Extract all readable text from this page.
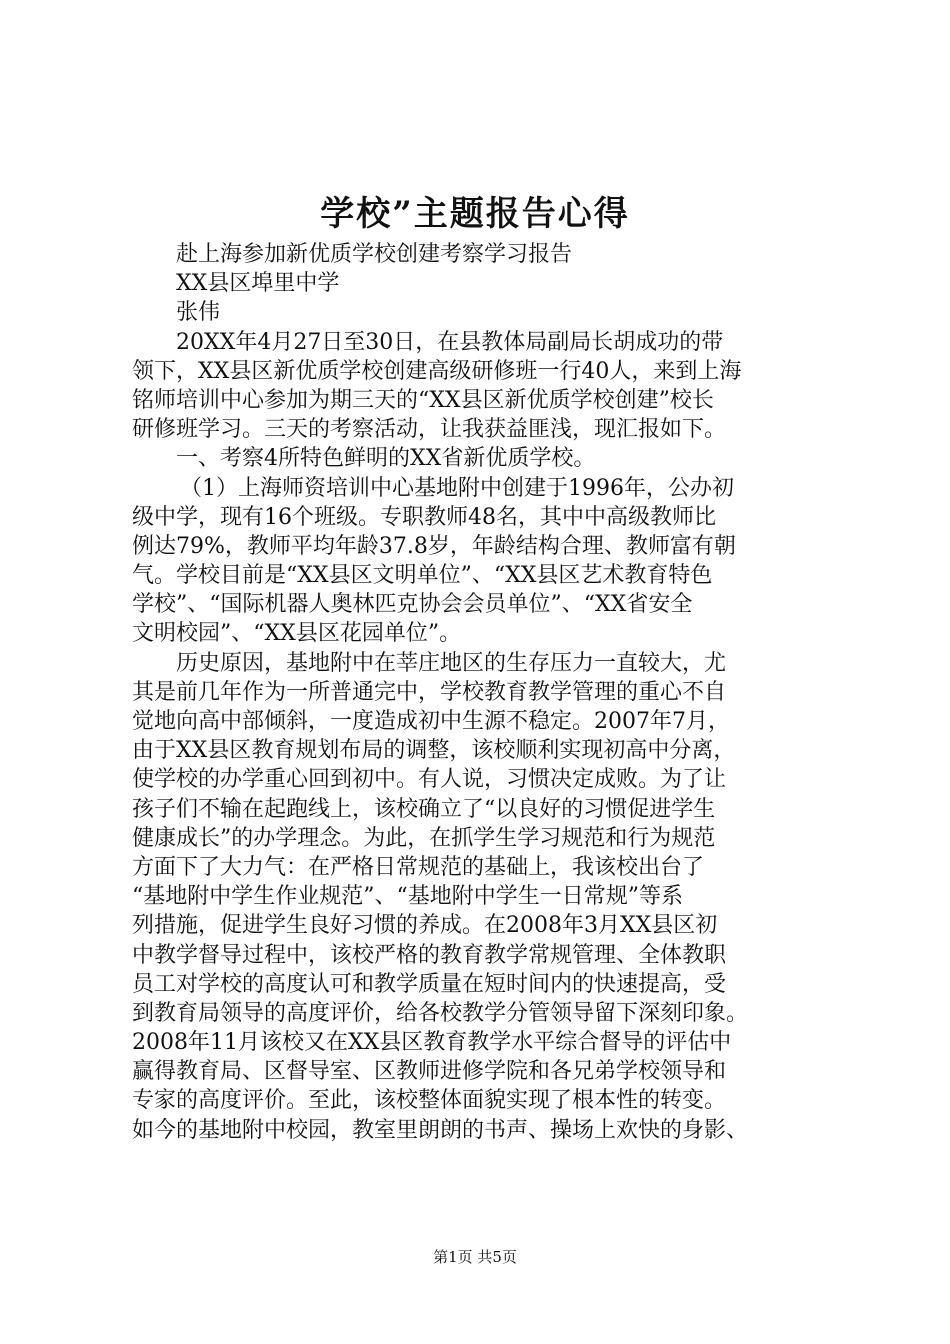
学校”主题报告心得
赴上海参加新优质学校创建考察学习报告
XX县区埠里中学
张伟
20XX年4月27日至30日，在县教体局副局长胡成功的带
领下，XX县区新优质学校创建高级研修班一行40人，来到上海
铭师培训中心参加为期三天的“XX县区新优质学校创建”校长
研修班学习。三天的考察活动，让我获益匪浅，现汇报如下。
一、考察4所特色鲜明的XX省新优质学校。
（1）上海师资培训中心基地附中创建于1996年，公办初
级中学，现有16个班级。专职教师48名，其中中高级教师比
例达79%，教师平均年龄37.8岁，年龄结构合理、教师富有朝
气。学校目前是“XX县区文明单位”、“XX县区艺术教育特色
学校”、“国际机器人奥林匹克协会会员单位”、“XX省安全
文明校园”、“XX县区花园单位”。
历史原因，基地附中在莘庄地区的生存压力一直较大，尤
其是前几年作为一所普通完中，学校教育教学管理的重心不自
觉地向高中部倾斜，一度造成初中生源不稳定。2007年7月，
由于XX县区教育规划布局的调整，该校顺利实现初高中分离，
使学校的办学重心回到初中。有人说，习惯决定成败。为了让
孩子们不输在起跑线上，该校确立了“以良好的习惯促进学生
健康成长”的办学理念。为此，在抓学生学习规范和行为规范
方面下了大力气：在严格日常规范的基础上，我该校出台了
“基地附中学生作业规范”、“基地附中学生一日常规”等系
列措施，促进学生良好习惯的养成。在2008年3月XX县区初
中教学督导过程中，该校严格的教育教学常规管理、全体教职
员工对学校的高度认可和教学质量在短时间内的快速提高，受
到教育局领导的高度评价，给各校教学分管领导留下深刻印象。
2008年11月该校又在XX县区教育教学水平综合督导的评估中
赢得教育局、区督导室、区教师进修学院和各兄弟学校领导和
专家的高度评价。至此，该校整体面貌实现了根本性的转变。
如今的基地附中校园，教室里朗朗的书声、操场上欢快的身影、
第1页 共5页
